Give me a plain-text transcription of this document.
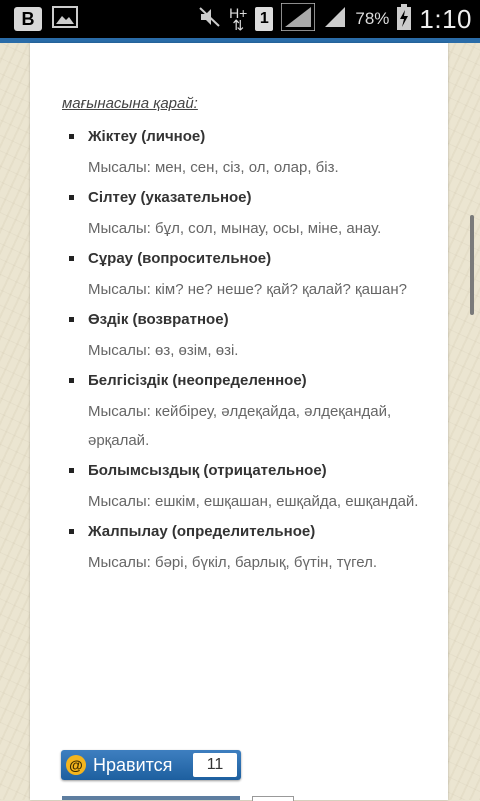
B	H+
⇅ 1	78% 1:10
мағынасына қарай:
Жіктеу (личное)
Мысалы: мен, сен, сіз, ол, олар, біз.
Сілтеу (указательное)
Мысалы: бұл, сол, мынау, осы, міне, анау.
Сұрау (вопросительное)
Мысалы: кім? не? неше? қай? қалай? қашан?
Өздік (возвратное)
Мысалы: өз, өзім, өзі.
Белгісіздік (неопределенное)
Мысалы: кейбіреу, әлдеқайда, әлдеқандай, әрқалай.
Болымсыздық (отрицательное)
Мысалы: ешкім, ешқашан, ешқайда, ешқандай.
Жалпылау (определительное)
Мысалы: бәрі, бүкіл, барлық, бүтін, түгел.
@ Нравится	11
